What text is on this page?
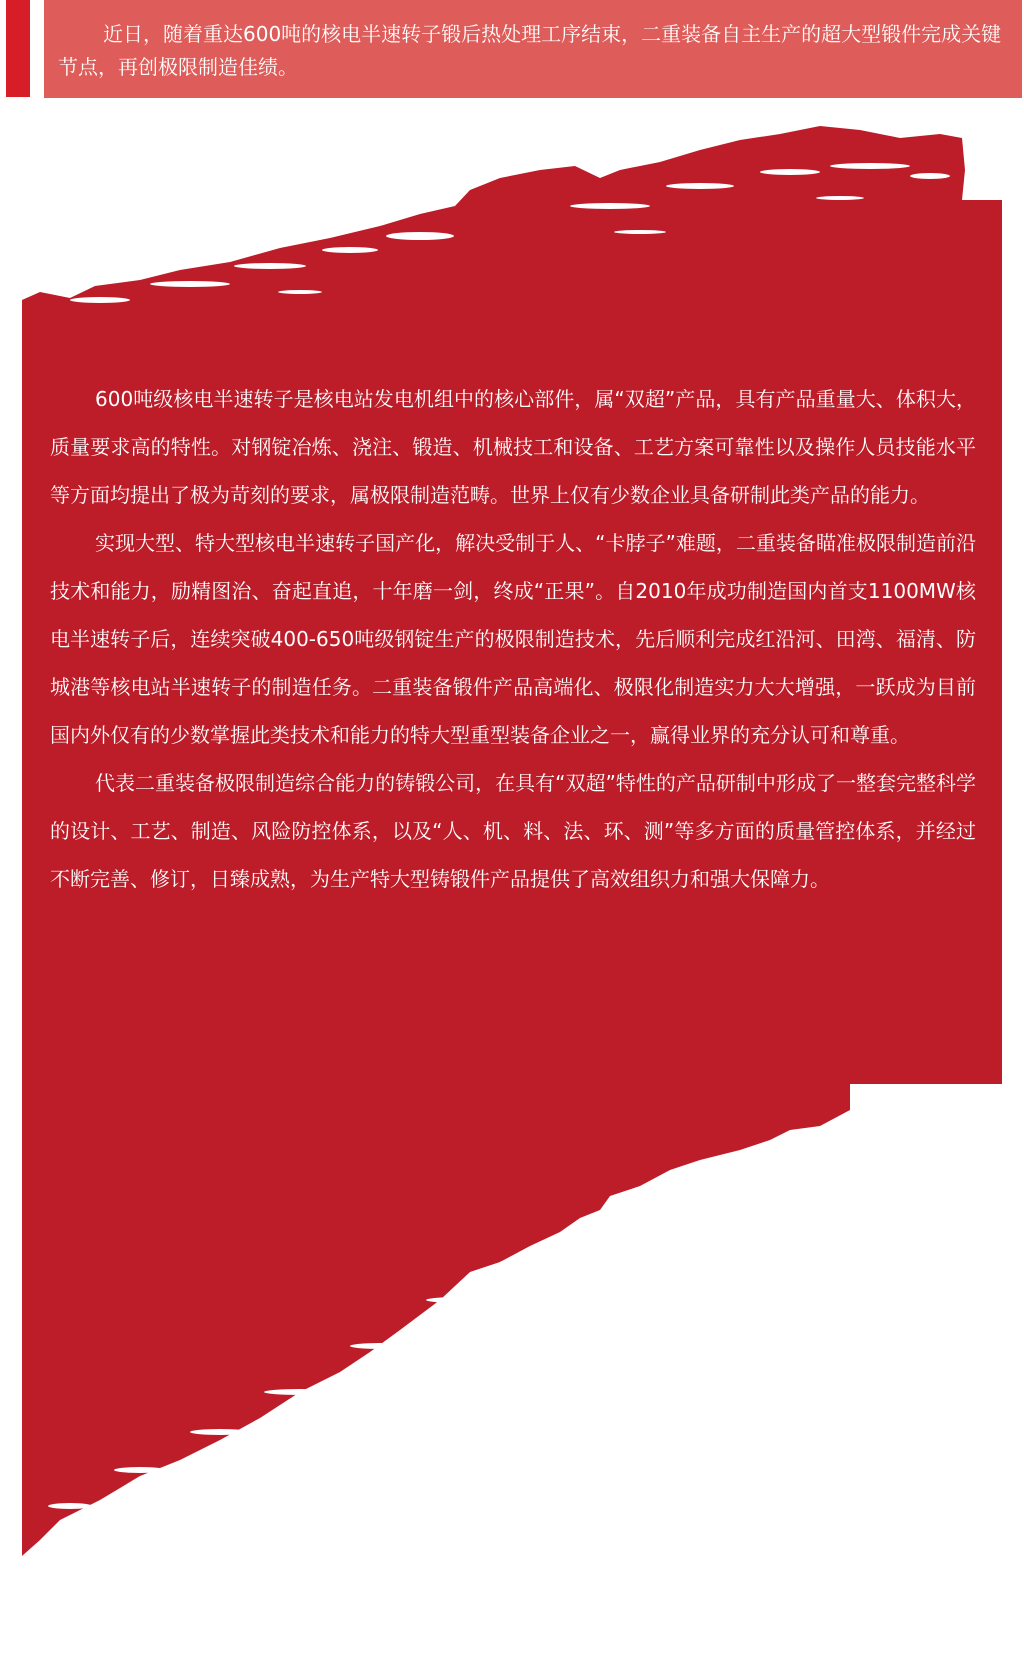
近日，随着重达600吨的核电半速转子锻后热处理工序结束，二重装备自主生产的超大型锻件完成关键节点，再创极限制造佳绩。

600吨级核电半速转子是核电站发电机组中的核心部件，属“双超”产品，具有产品重量大、体积大，质量要求高的特性。对钢锭冶炼、浇注、锻造、机械技工和设备、工艺方案可靠性以及操作人员技能水平等方面均提出了极为苛刻的要求，属极限制造范畴。世界上仅有少数企业具备研制此类产品的能力。

实现大型、特大型核电半速转子国产化，解决受制于人、“卡脖子”难题，二重装备瞄准极限制造前沿技术和能力，励精图治、奋起直追，十年磨一剑，终成“正果”。自2010年成功制造国内首支1100MW核电半速转子后，连续突破400-650吨级钢锭生产的极限制造技术，先后顺利完成红沿河、田湾、福清、防城港等核电站半速转子的制造任务。二重装备锻件产品高端化、极限化制造实力大大增强，一跃成为目前国内外仅有的少数掌握此类技术和能力的特大型重型装备企业之一，赢得业界的充分认可和尊重。

代表二重装备极限制造综合能力的铸锻公司，在具有“双超”特性的产品研制中形成了一整套完整科学的设计、工艺、制造、风险防控体系，以及“人、机、料、法、环、测”等多方面的质量管控体系，并经过不断完善、修订，日臻成熟，为生产特大型铸锻件产品提供了高效组织力和强大保障力。
